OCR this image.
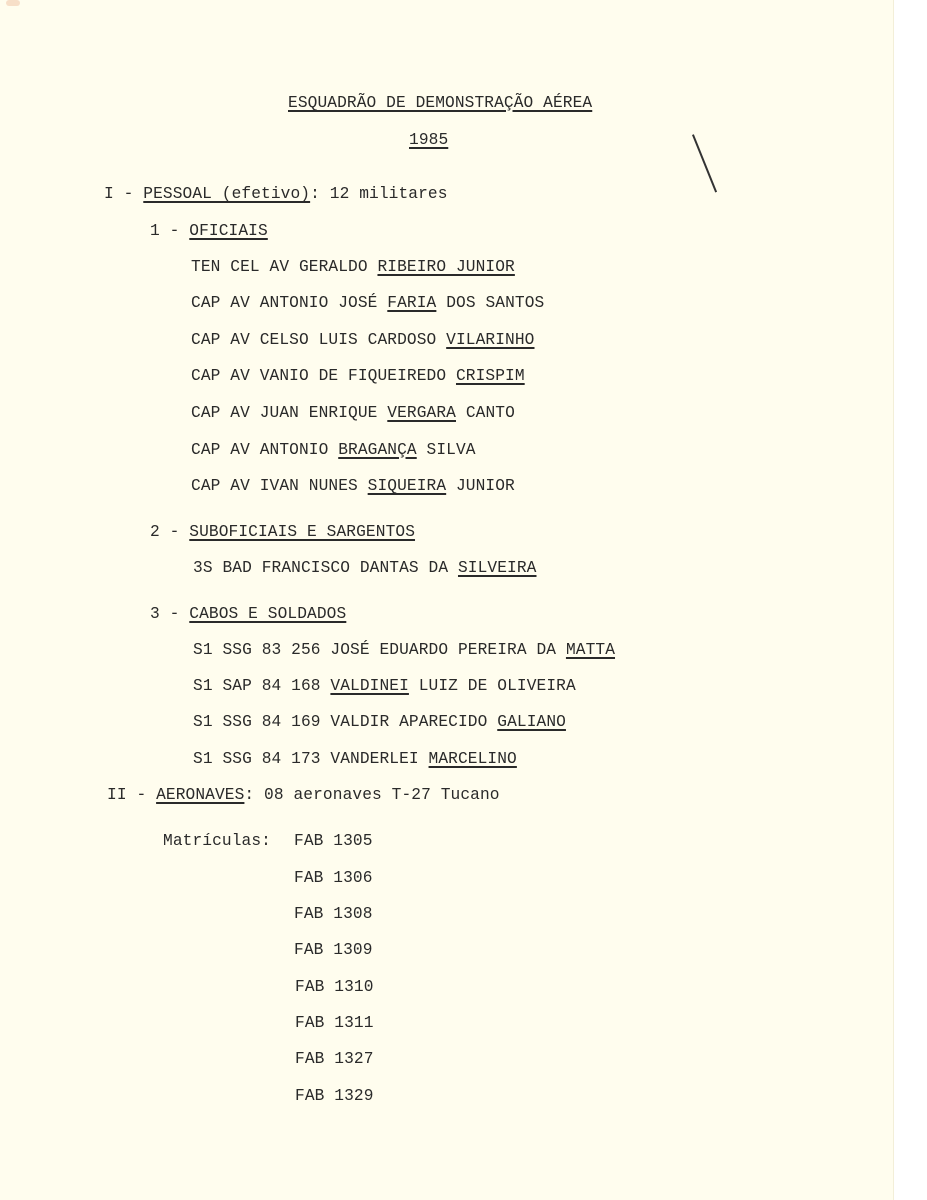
ESQUADRÃO DE DEMONSTRAÇÃO AÉREA
1985
I - PESSOAL (efetivo): 12 militares
1 - OFICIAIS
TEN CEL AV GERALDO RIBEIRO JUNIOR
CAP AV ANTONIO JOSÉ FARIA DOS SANTOS
CAP AV CELSO LUIS CARDOSO VILARINHO
CAP AV VANIO DE FIQUEIREDO CRISPIM
CAP AV JUAN ENRIQUE VERGARA CANTO
CAP AV ANTONIO BRAGANÇA SILVA
CAP AV IVAN NUNES SIQUEIRA JUNIOR
2 - SUBOFICIAIS E SARGENTOS
3S BAD FRANCISCO DANTAS DA SILVEIRA
3 - CABOS E SOLDADOS
S1 SSG 83 256 JOSÉ EDUARDO PEREIRA DA MATTA
S1 SAP 84 168 VALDINEI LUIZ DE OLIVEIRA
S1 SSG 84 169 VALDIR APARECIDO GALIANO
S1 SSG 84 173 VANDERLEI MARCELINO
II - AERONAVES: 08 aeronaves T-27 Tucano
Matrículas: FAB 1305
FAB 1306
FAB 1308
FAB 1309
FAB 1310
FAB 1311
FAB 1327
FAB 1329
